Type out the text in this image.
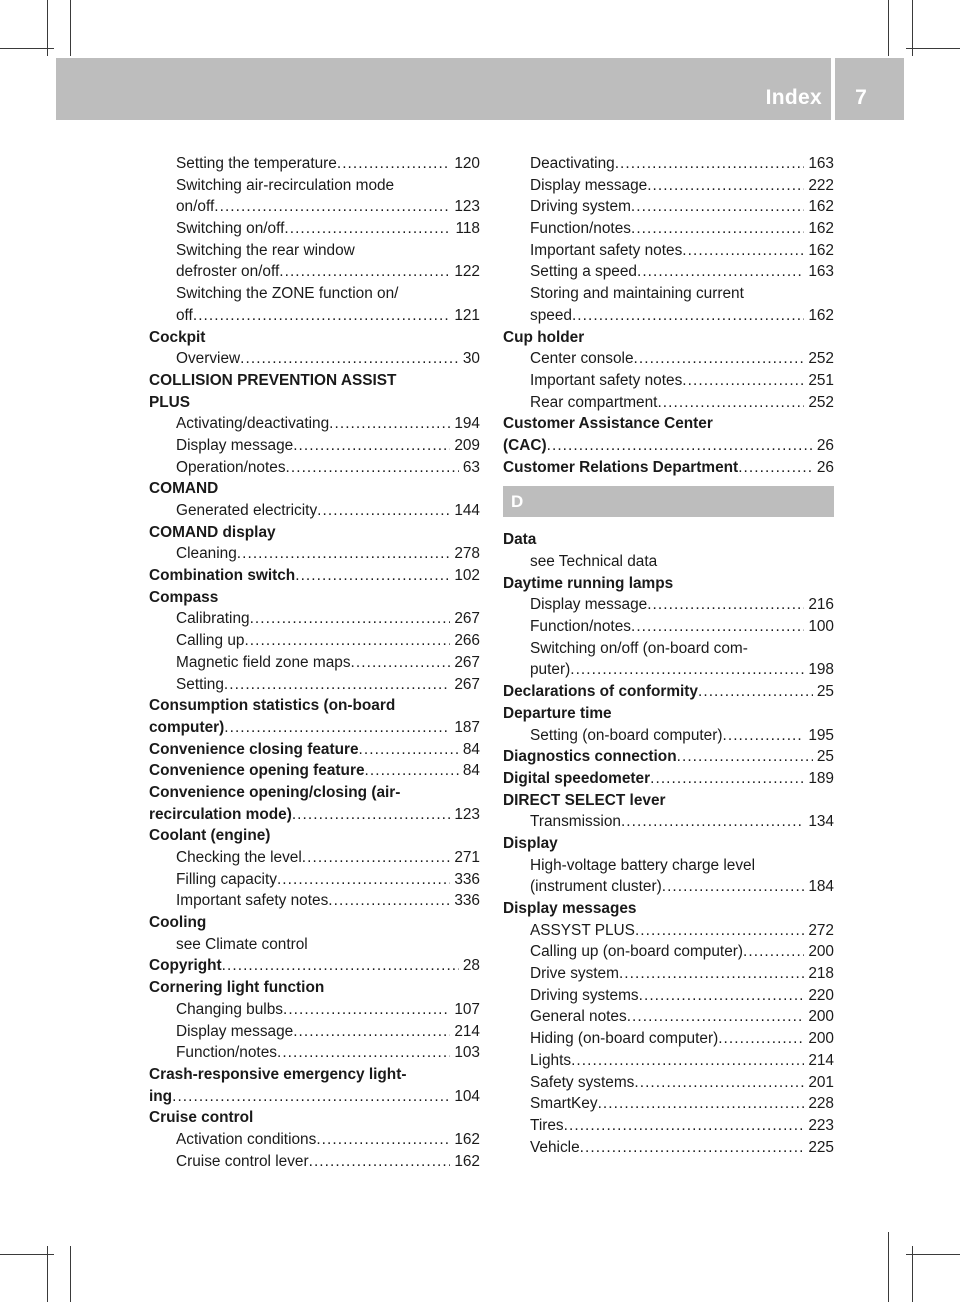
Index	7
Setting the temperature . . .	120
Switching air-recirculation mode
on/off . . .	123
Switching on/off . . .	118
Switching the rear window
defroster on/off . . .	122
Switching the ZONE function on/
off . . .	121
Cockpit
Overview . . .	30
COLLISION PREVENTION ASSIST
PLUS
Activating/deactivating . . .	194
Display message . . .	209
Operation/notes . . .	63
COMAND
Generated electricity . . .	144
COMAND display
Cleaning . . .	278
Combination switch . . .	102
Compass
Calibrating . . .	267
Calling up . . .	266
Magnetic field zone maps . . .	267
Setting . . .	267
Consumption statistics (on-board
computer) . . .	187
Convenience closing feature . . .	84
Convenience opening feature . . .	84
Convenience opening/closing (air-
recirculation mode) . . .	123
Coolant (engine)
Checking the level . . .	271
Filling capacity . . .	336
Important safety notes . . .	336
Cooling
see Climate control
Copyright . . .	28
Cornering light function
Changing bulbs . . .	107
Display message . . .	214
Function/notes . . .	103
Crash-responsive emergency light-
ing . . .	104
Cruise control
Activation conditions . . .	162
Cruise control lever . . .	162
Deactivating . . .	163
Display message . . .	222
Driving system . . .	162
Function/notes . . .	162
Important safety notes . . .	162
Setting a speed . . .	163
Storing and maintaining current
speed . . .	162
Cup holder
Center console . . .	252
Important safety notes . . .	251
Rear compartment . . .	252
Customer Assistance Center
(CAC) . . .	26
Customer Relations Department . . .	26
D
Data
see Technical data
Daytime running lamps
Display message . . .	216
Function/notes . . .	100
Switching on/off (on-board com-
puter) . . .	198
Declarations of conformity . . .	25
Departure time
Setting (on-board computer) . . .	195
Diagnostics connection . . .	25
Digital speedometer . . .	189
DIRECT SELECT lever
Transmission . . .	134
Display
High-voltage battery charge level
(instrument cluster) . . .	184
Display messages
ASSYST PLUS . . .	272
Calling up (on-board computer) . . .	200
Drive system . . .	218
Driving systems . . .	220
General notes . . .	200
Hiding (on-board computer) . . .	200
Lights . . .	214
Safety systems . . .	201
SmartKey . . .	228
Tires . . .	223
Vehicle . . .	225
